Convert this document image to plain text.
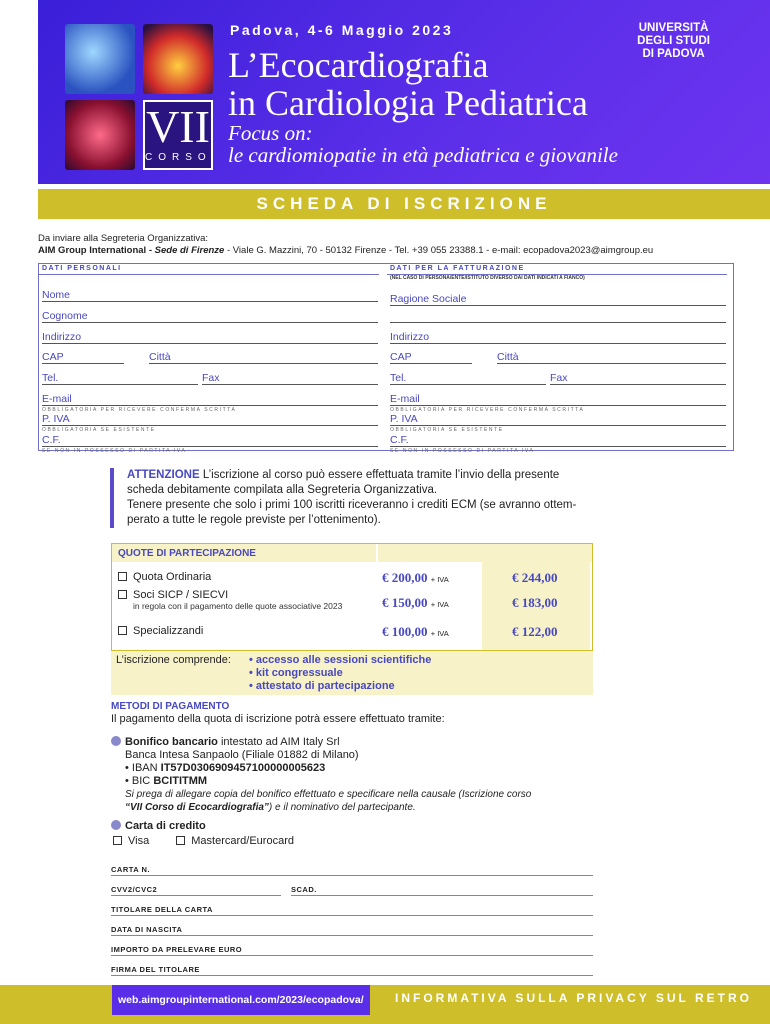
VII
CORSO
Padova, 4-6 Maggio 2023
L’Ecocardiografia
in Cardiologia Pediatrica
Focus on:
le cardiomiopatie in età pediatrica e giovanile
UNIVERSITÀ
DEGLI STUDI
DI PADOVA
SCHEDA DI ISCRIZIONE
Da inviare alla Segreteria Organizzativa:
AIM Group International - Sede di Firenze - Viale G. Mazzini, 70 - 50132 Firenze - Tel. +39 055 23388.1 - e-mail: ecopadova2023@aimgroup.eu
DATI PERSONALI
Nome
Cognome
Indirizzo
CAP	Città
Tel.	Fax
E-mail
OBBLIGATORIA PER RICEVERE CONFERMA SCRITTA
P. IVA
OBBLIGATORIA SE ESISTENTE
C.F.
SE NON IN POSSESSO DI PARTITA IVA
DATI PER LA FATTURAZIONE
(NEL CASO DI PERSONA/ENTE/ISTITUTO DIVERSO DAI DATI INDICATI A FIANCO)
Ragione Sociale
Indirizzo
CAP	Città
Tel.	Fax
E-mail
OBBLIGATORIA PER RICEVERE CONFERMA SCRITTA
P. IVA
OBBLIGATORIA SE ESISTENTE
C.F.
SE NON IN POSSESSO DI PARTITA IVA
ATTENZIONE L’iscrizione al corso può essere effettuata tramite l’invio della presente
scheda debitamente compilata alla Segreteria Organizzativa.
Tenere presente che solo i primi 100 iscritti riceveranno i crediti ECM (se avranno ottem-
perato a tutte le regole previste per l’ottenimento).
QUOTE DI PARTECIPAZIONE
Quota Ordinaria	€ 200,00 + IVA	€ 244,00
Soci SICP / SIECVI
in regola con il pagamento delle quote associative 2023	€ 150,00 + IVA	€ 183,00
Specializzandi	€ 100,00 + IVA	€ 122,00
L’iscrizione comprende: • accesso alle sessioni scientifiche
• kit congressuale
• attestato di partecipazione
METODI DI PAGAMENTO
Il pagamento della quota di iscrizione potrà essere effettuato tramite:
Bonifico bancario intestato ad AIM Italy Srl
Banca Intesa Sanpaolo (Filiale 01882 di Milano)
• IBAN IT57D0306909457100000005623
• BIC BCITITMM
Si prega di allegare copia del bonifico effettuato e specificare nella causale (Iscrizione corso
“VII Corso di Ecocardiografia”) e il nominativo del partecipante.
Carta di credito
Visa	Mastercard/Eurocard
CARTA N.
CVV2/CVC2	SCAD.
TITOLARE DELLA CARTA
DATA DI NASCITA
IMPORTO DA PRELEVARE EURO
FIRMA DEL TITOLARE
web.aimgroupinternational.com/2023/ecopadova/	INFORMATIVA SULLA PRIVACY SUL RETRO
